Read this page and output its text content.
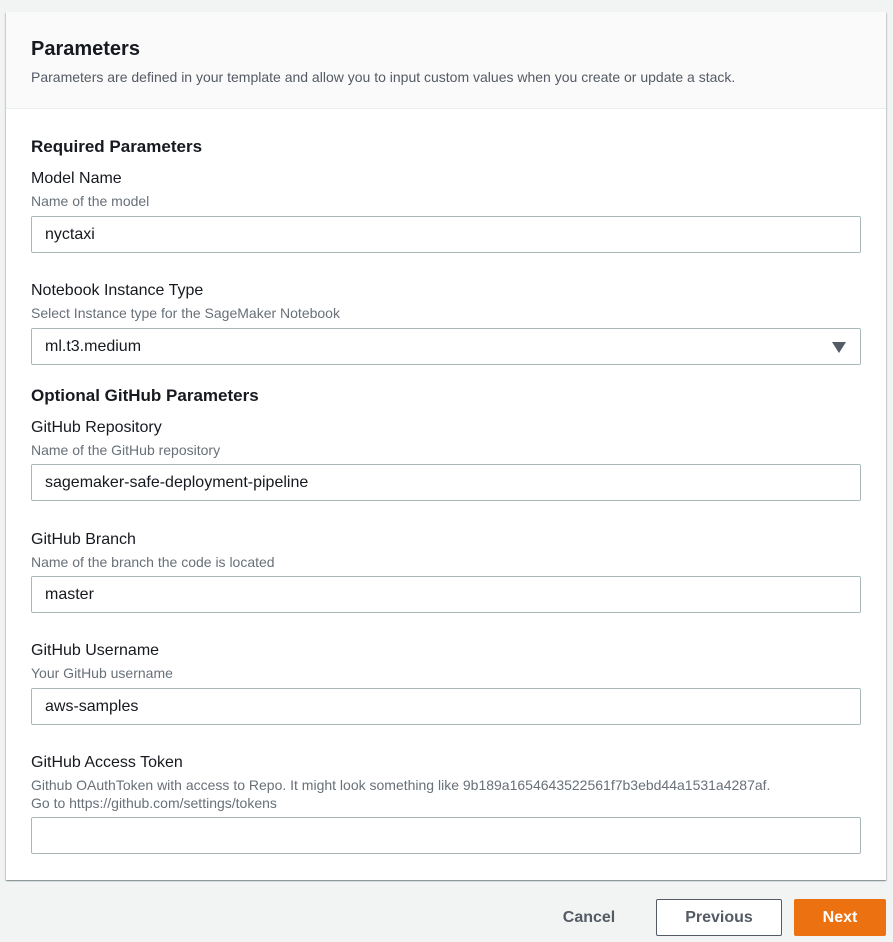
Parameters
Parameters are defined in your template and allow you to input custom values when you create or update a stack.
Required Parameters
Model Name
Name of the model
nyctaxi
Notebook Instance Type
Select Instance type for the SageMaker Notebook
ml.t3.medium
Optional GitHub Parameters
GitHub Repository
Name of the GitHub repository
sagemaker-safe-deployment-pipeline
GitHub Branch
Name of the branch the code is located
master
GitHub Username
Your GitHub username
aws-samples
GitHub Access Token
Github OAuthToken with access to Repo. It might look something like 9b189a1654643522561f7b3ebd44a1531a4287af.
Go to https://github.com/settings/tokens
Cancel	Previous	Next
